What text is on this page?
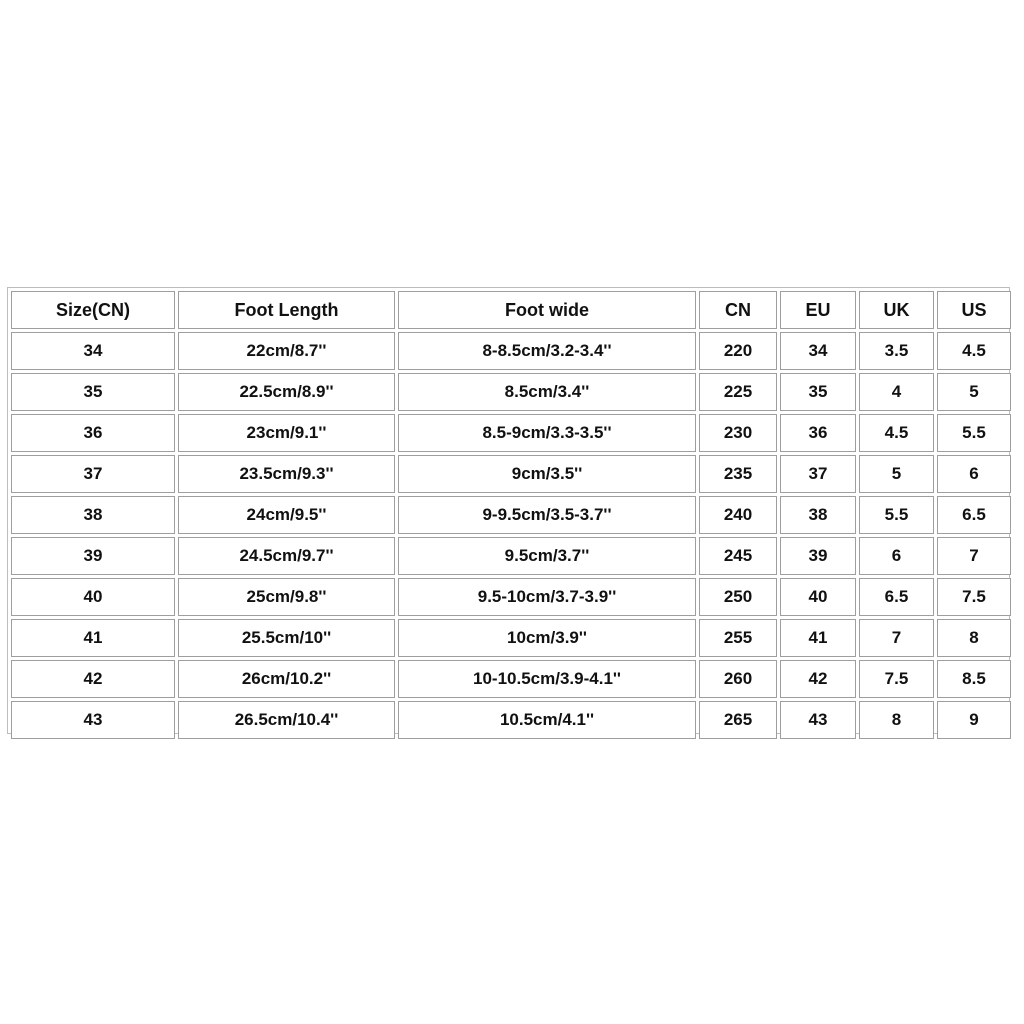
Size(CN)	Foot Length	Foot wide	CN	EU	UK	US
34	22cm/8.7''	8-8.5cm/3.2-3.4''	220	34	3.5	4.5
35	22.5cm/8.9''	8.5cm/3.4''	225	35	4	5
36	23cm/9.1''	8.5-9cm/3.3-3.5''	230	36	4.5	5.5
37	23.5cm/9.3''	9cm/3.5''	235	37	5	6
38	24cm/9.5''	9-9.5cm/3.5-3.7''	240	38	5.5	6.5
39	24.5cm/9.7''	9.5cm/3.7''	245	39	6	7
40	25cm/9.8''	9.5-10cm/3.7-3.9''	250	40	6.5	7.5
41	25.5cm/10''	10cm/3.9''	255	41	7	8
42	26cm/10.2''	10-10.5cm/3.9-4.1''	260	42	7.5	8.5
43	26.5cm/10.4''	10.5cm/4.1''	265	43	8	9
